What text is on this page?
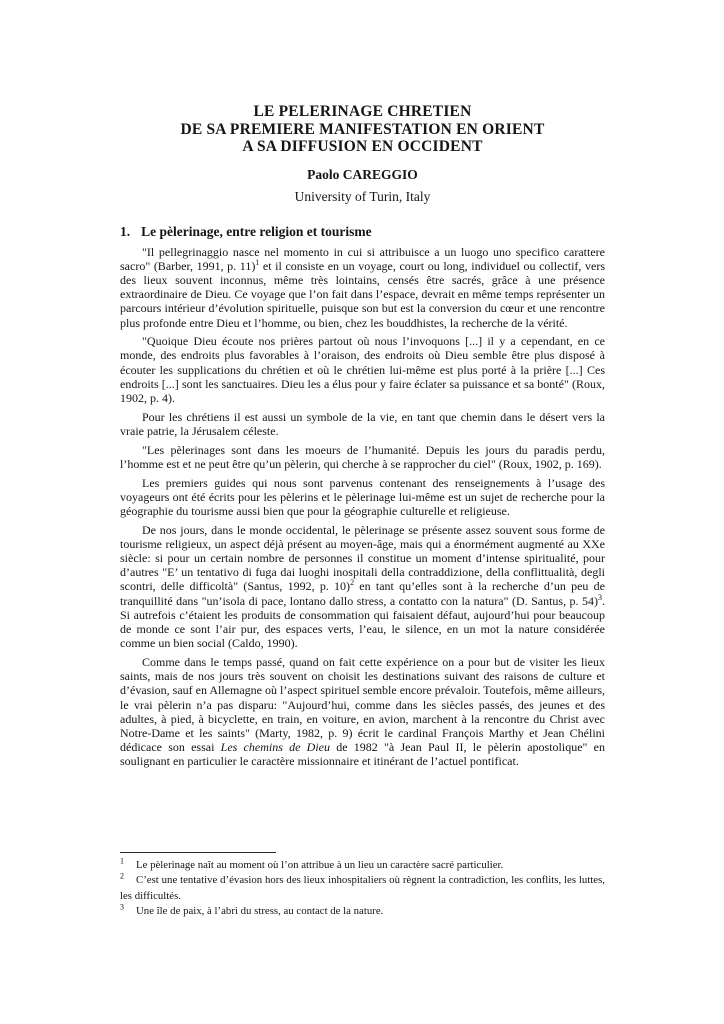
LE PELERINAGE CHRETIEN
DE SA PREMIERE MANIFESTATION EN ORIENT
A SA DIFFUSION EN OCCIDENT
Paolo CAREGGIO
University of Turin, Italy
1. Le pèlerinage, entre religion et tourisme

"Il pellegrinaggio nasce nel momento in cui si attribuisce a un luogo uno specifico carattere sacro" (Barber, 1991, p. 11)$^1$ et il consiste en un voyage, court ou long, individuel ou collectif, vers des lieux souvent inconnus, même très lointains, censés être sacrés, grâce à une présence extraordinaire de Dieu. Ce voyage que l’on fait dans l’espace, devrait en même temps représenter un parcours intérieur d’évolution spirituelle, puisque son but est la conversion du cœur et une rencontre plus profonde entre Dieu et l’homme, ou bien, chez les bouddhistes, la recherche de la vérité.

"Quoique Dieu écoute nos prières partout où nous l’invoquons [...] il y a cependant, en ce monde, des endroits plus favorables à l’oraison, des endroits où Dieu semble être plus disposé à écouter les supplications du chrétien et où le chrétien lui-même est plus porté à la prière [...] Ces endroits [...] sont les sanctuaires. Dieu les a élus pour y faire éclater sa puissance et sa bonté" (Roux, 1902, p. 4).

Pour les chrétiens il est aussi un symbole de la vie, en tant que chemin dans le désert vers la vraie patrie, la Jérusalem céleste.

"Les pèlerinages sont dans les moeurs de l’humanité. Depuis les jours du paradis perdu, l’homme est et ne peut être qu’un pèlerin, qui cherche à se rapprocher du ciel" (Roux, 1902, p. 169).

Les premiers guides qui nous sont parvenus contenant des renseignements à l’usage des voyageurs ont été écrits pour les pèlerins et le pèlerinage lui-même est un sujet de recherche pour la géographie du tourisme aussi bien que pour la géographie culturelle et religieuse.

De nos jours, dans le monde occidental, le pèlerinage se présente assez souvent sous forme de tourisme religieux, un aspect déjà présent au moyen-âge, mais qui a énormément augmenté au XXe siècle: si pour un certain nombre de personnes il constitue un moment d’intense spiritualité, pour d’autres "E’ un tentativo di fuga dai luoghi inospitali della contraddizione, della conflittualità, degli scontri, delle difficoltà" (Santus, 1992, p. 10)$^2$ en tant qu’elles sont à la recherche d’un peu de tranquillité dans "un’isola di pace, lontano dallo stress, a contatto con la natura" (D. Santus, p. 54)$^3$. Si autrefois c’étaient les produits de consommation qui faisaient défaut, aujourd’hui pour beaucoup de monde ce sont l’air pur, des espaces verts, l’eau, le silence, en un mot la nature considérée comme un bien social (Caldo, 1990).

Comme dans le temps passé, quand on fait cette expérience on a pour but de visiter les lieux saints, mais de nos jours très souvent on choisit les destinations suivant des raisons de culture et d’évasion, sauf en Allemagne où l’aspect spirituel semble encore prévaloir. Toutefois, même ailleurs, le vrai pèlerin n’a pas disparu: "Aujourd’hui, comme dans les siècles passés, des jeunes et des adultes, à pied, à bicyclette, en train, en voiture, en avion, marchent à la rencontre du Christ avec Notre-Dame et les saints" (Marty, 1982, p. 9) écrit le cardinal François Marthy et Jean Chélini dédicace son essai Les chemins de Dieu de 1982 "à Jean Paul II, le pèlerin apostolique" en soulignant en particulier le caractère missionnaire et itinérant de l’actuel pontificat.

$^1$ Le pèlerinage naît au moment où l’on attribue à un lieu un caractère sacré particulier.
$^2$ C’est une tentative d’évasion hors des lieux inhospitaliers où règnent la contradiction, les conflits, les luttes, les difficultés.
$^3$ Une île de paix, à l’abri du stress, au contact de la nature.
